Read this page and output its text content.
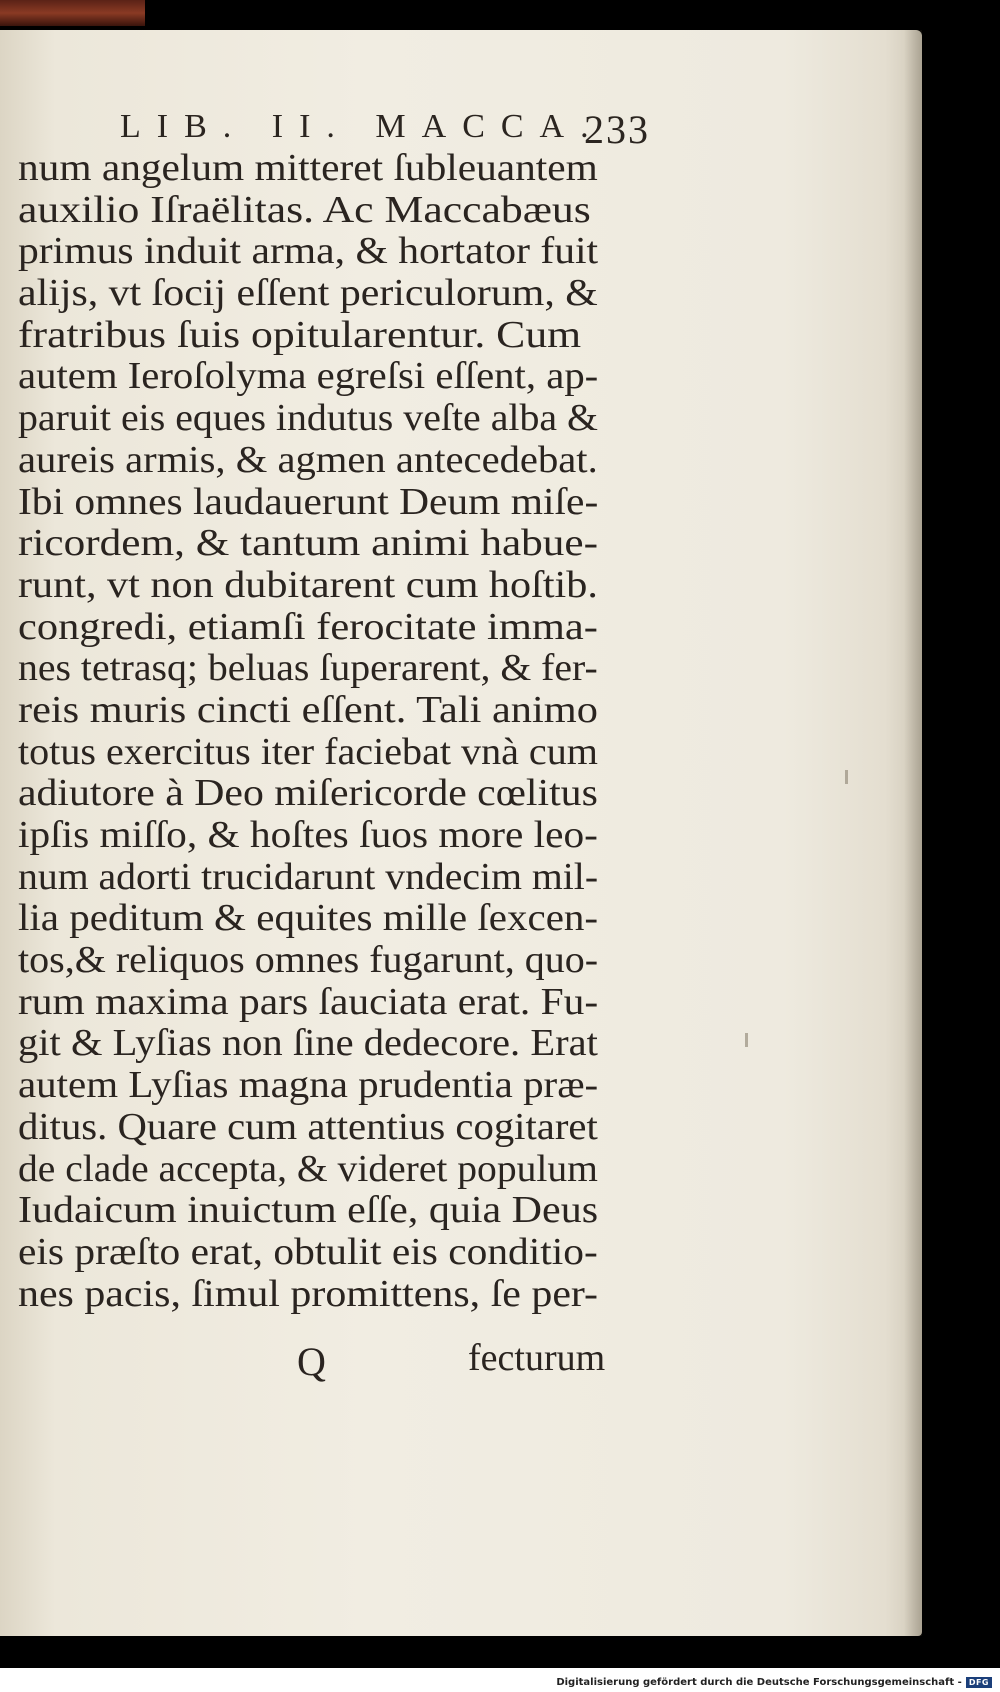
LIB. II. MACCA.
233
num angelum mitteret ſubleuantem
auxilio Iſraëlitas. Ac Maccabæus
primus induit arma, & hortator fuit
alijs, vt ſocij eſſent periculorum, &
fratribus ſuis opitularentur. Cum
autem Ieroſolyma egreſsi eſſent, ap-
paruit eis eques indutus veſte alba &
aureis armis, & agmen antecedebat.
Ibi omnes laudauerunt Deum miſe-
ricordem, & tantum animi habue-
runt, vt non dubitarent cum hoſtib.
congredi, etiamſi ferocitate imma-
nes tetrasq; beluas ſuperarent, & fer-
reis muris cincti eſſent. Tali animo
totus exercitus iter faciebat vnà cum
adiutore à Deo miſericorde cœlitus
ipſis miſſo, & hoſtes ſuos more leo-
num adorti trucidarunt vndecim mil-
lia peditum & equites mille ſexcen-
tos,& reliquos omnes fugarunt, quo-
rum maxima pars ſauciata erat. Fu-
git & Lyſias non ſine dedecore. Erat
autem Lyſias magna prudentia præ-
ditus. Quare cum attentius cogitaret
de clade accepta, & videret populum
Iudaicum inuictum eſſe, quia Deus
eis præſto erat, obtulit eis conditio-
nes pacis, ſimul promittens, ſe per-
Q	fecturum
Digitalisierung gefördert durch die Deutsche Forschungsgemeinschaft - DFG
